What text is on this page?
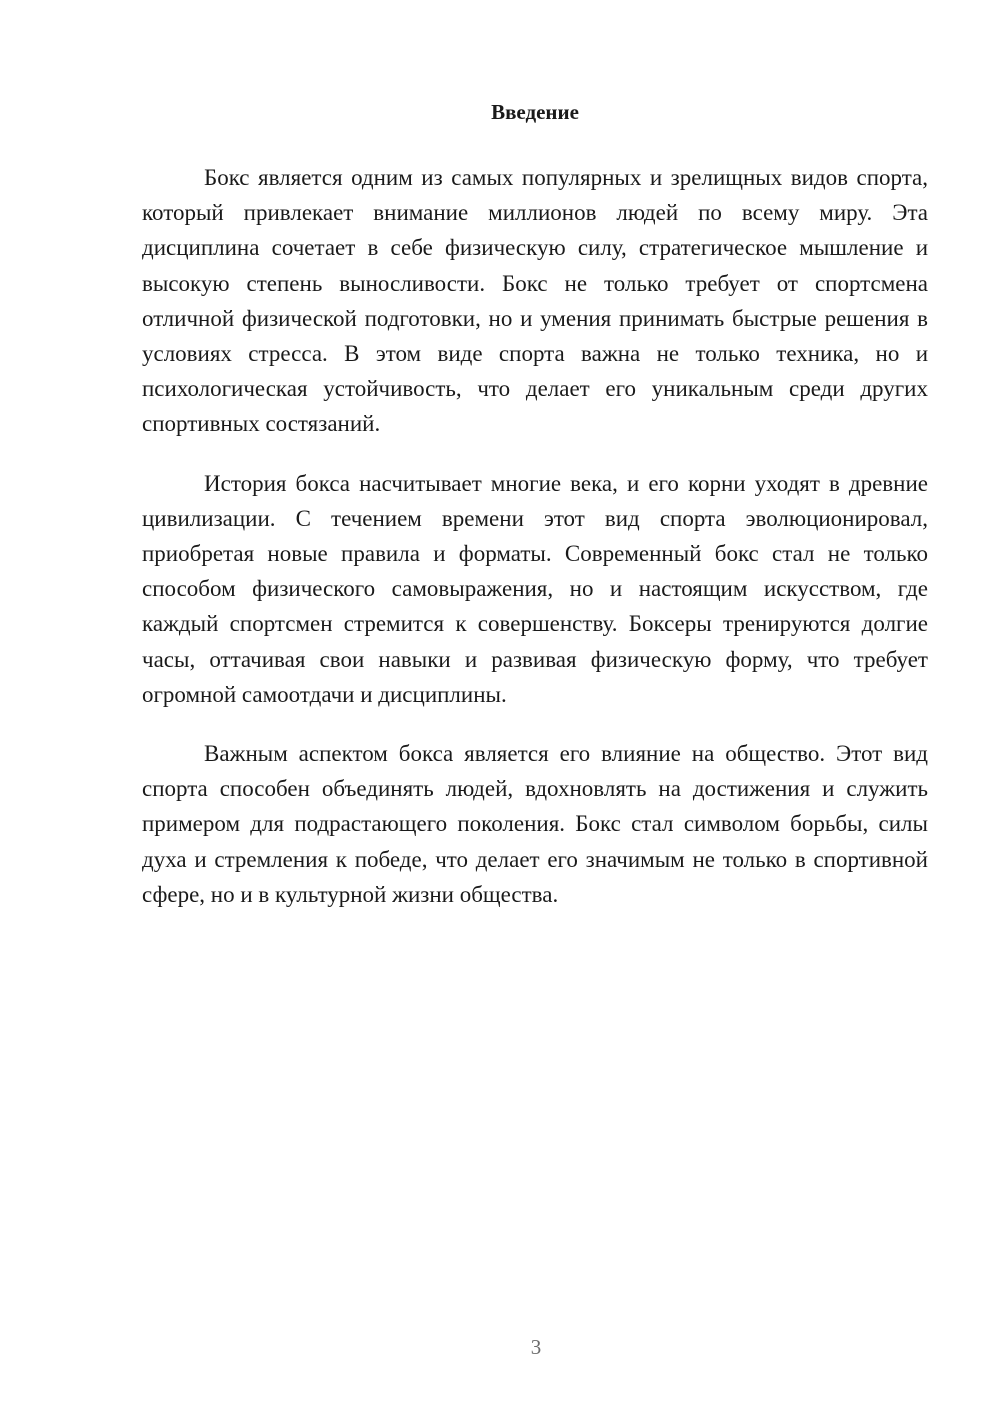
Введение

Бокс является одним из самых популярных и зрелищных видов спорта, который привлекает внимание миллионов людей по всему миру. Эта дисциплина сочетает в себе физическую силу, стратегическое мышление и высокую степень выносливости. Бокс не только требует от спортсмена отличной физической подготовки, но и умения принимать быстрые решения в условиях стресса. В этом виде спорта важна не только техника, но и психологическая устойчивость, что делает его уникальным среди других спортивных состязаний.

История бокса насчитывает многие века, и его корни уходят в древние цивилизации. С течением времени этот вид спорта эволюционировал, приобретая новые правила и форматы. Современный бокс стал не только способом физического самовыражения, но и настоящим искусством, где каждый спортсмен стремится к совершенству. Боксеры тренируются долгие часы, оттачивая свои навыки и развивая физическую форму, что требует огромной самоотдачи и дисциплины.

Важным аспектом бокса является его влияние на общество. Этот вид спорта способен объединять людей, вдохновлять на достижения и служить примером для подрастающего поколения. Бокс стал символом борьбы, силы духа и стремления к победе, что делает его значимым не только в спортивной сфере, но и в культурной жизни общества.

3
